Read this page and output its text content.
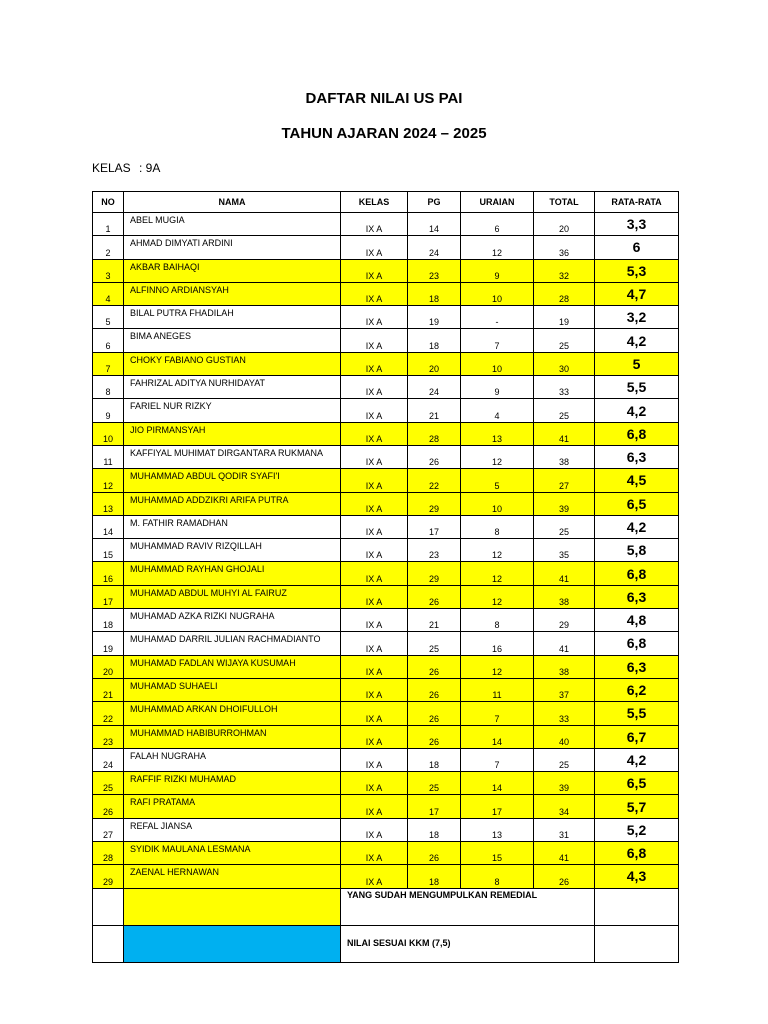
DAFTAR NILAI US PAI
TAHUN AJARAN 2024 – 2025
KELAS : 9A
NO	NAMA	KELAS	PG	URAIAN	TOTAL	RATA-RATA
1	ABEL MUGIA	IX A	14	6	20	3,3
2	AHMAD DIMYATI ARDINI	IX A	24	12	36	6
3	AKBAR BAIHAQI	IX A	23	9	32	5,3
4	ALFINNO ARDIANSYAH	IX A	18	10	28	4,7
5	BILAL PUTRA FHADILAH	IX A	19	-	19	3,2
6	BIMA ANEGES	IX A	18	7	25	4,2
7	CHOKY FABIANO GUSTIAN	IX A	20	10	30	5
8	FAHRIZAL ADITYA NURHIDAYAT	IX A	24	9	33	5,5
9	FARIEL NUR RIZKY	IX A	21	4	25	4,2
10	JIO PIRMANSYAH	IX A	28	13	41	6,8
11	KAFFIYAL MUHIMAT DIRGANTARA RUKMANA	IX A	26	12	38	6,3
12	MUHAMMAD ABDUL QODIR SYAFI'I	IX A	22	5	27	4,5
13	MUHAMMAD ADDZIKRI ARIFA PUTRA	IX A	29	10	39	6,5
14	M. FATHIR RAMADHAN	IX A	17	8	25	4,2
15	MUHAMMAD RAVIV RIZQILLAH	IX A	23	12	35	5,8
16	MUHAMMAD RAYHAN GHOJALI	IX A	29	12	41	6,8
17	MUHAMAD ABDUL MUHYI AL FAIRUZ	IX A	26	12	38	6,3
18	MUHAMAD AZKA RIZKI NUGRAHA	IX A	21	8	29	4,8
19	MUHAMAD DARRIL JULIAN RACHMADIANTO	IX A	25	16	41	6,8
20	MUHAMAD FADLAN WIJAYA KUSUMAH	IX A	26	12	38	6,3
21	MUHAMAD SUHAELI	IX A	26	11	37	6,2
22	MUHAMMAD ARKAN DHOIFULLOH	IX A	26	7	33	5,5
23	MUHAMMAD HABIBURROHMAN	IX A	26	14	40	6,7
24	FALAH NUGRAHA	IX A	18	7	25	4,2
25	RAFFIF RIZKI MUHAMAD	IX A	25	14	39	6,5
26	RAFI PRATAMA	IX A	17	17	34	5,7
27	REFAL JIANSA	IX A	18	13	31	5,2
28	SYIDIK MAULANA LESMANA	IX A	26	15	41	6,8
29	ZAENAL HERNAWAN	IX A	18	8	26	4,3
		YANG SUDAH MENGUMPULKAN REMEDIAL				
		NILAI SESUAI KKM (7,5)				
